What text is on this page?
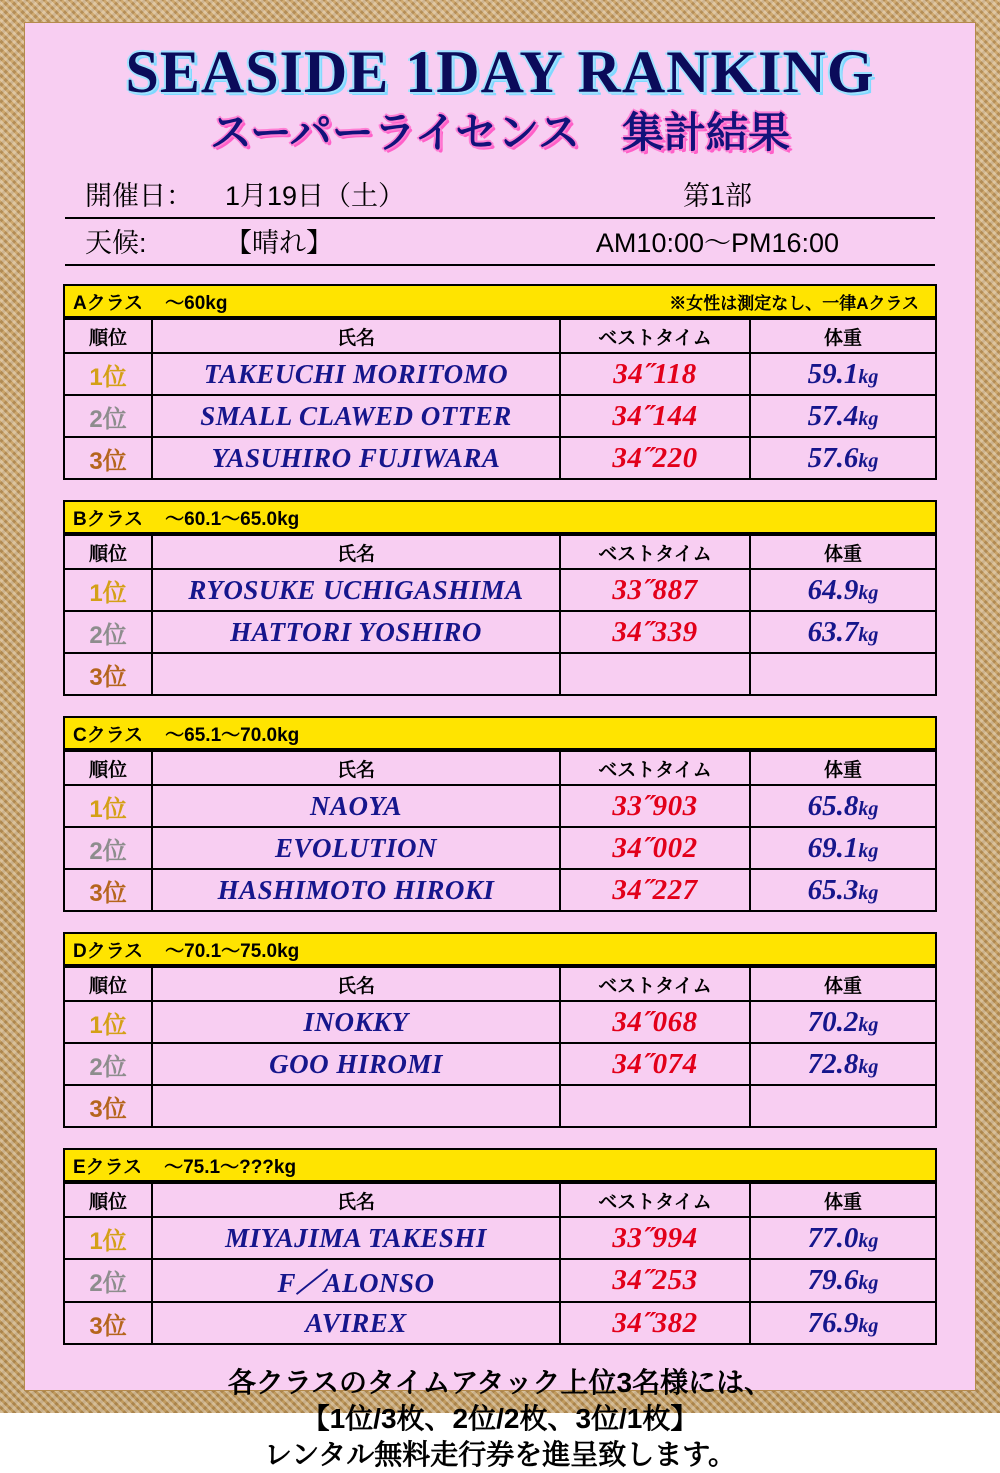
SEASIDE 1DAY RANKING
スーパーライセンス　集計結果
開催日：	1月19日（土）	第1部
天候:	【晴れ】	AM10:00〜PM16:00
Aクラス	〜60kg	※女性は測定なし、一律Aクラス
順位	氏名	ベストタイム	体重
1位	TAKEUCHI MORITOMO	34˝118	59.1kg
2位	SMALL CLAWED OTTER	34˝144	57.4kg
3位	YASUHIRO FUJIWARA	34˝220	57.6kg
Bクラス	〜60.1〜65.0kg
順位	氏名	ベストタイム	体重
1位	RYOSUKE UCHIGASHIMA	33˝887	64.9kg
2位	HATTORI YOSHIRO	34˝339	63.7kg
3位			
Cクラス	〜65.1〜70.0kg
順位	氏名	ベストタイム	体重
1位	NAOYA	33˝903	65.8kg
2位	EVOLUTION	34˝002	69.1kg
3位	HASHIMOTO HIROKI	34˝227	65.3kg
Dクラス	〜70.1〜75.0kg
順位	氏名	ベストタイム	体重
1位	INOKKY	34˝068	70.2kg
2位	GOO HIROMI	34˝074	72.8kg
3位			
Eクラス	〜75.1〜???kg
順位	氏名	ベストタイム	体重
1位	MIYAJIMA TAKESHI	33˝994	77.0kg
2位	F／ALONSO	34˝253	79.6kg
3位	AVIREX	34˝382	76.9kg
各クラスのタイムアタック上位3名様には、
【1位/3枚、2位/2枚、3位/1枚】
レンタル無料走行券を進呈致します。
